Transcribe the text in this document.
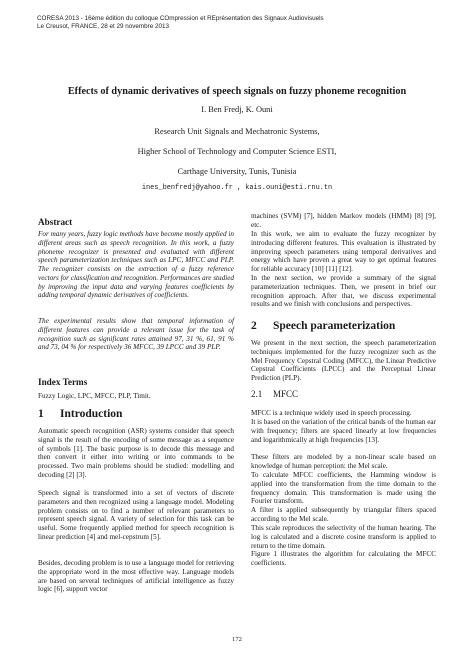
CORESA 2013 - 16ème édition du colloque COmpression et REprésentation des Signaux Audiovisuels
Le Creusot, FRANCE, 28 et 29 novembre 2013
Effects of dynamic derivatives of speech signals on fuzzy phoneme recognition
I. Ben Fredj, K. Ouni
Research Unit Signals and Mechatronic Systems,
Higher School of Technology and Computer Science ESTI,
Carthage University, Tunis, Tunisia
ines_benfredj@yahoo.fr , kais.ouni@esti.rnu.tn
Abstract
For many years, fuzzy logic methods have become mostly applied in different areas such as speech recognition. In this work, a fuzzy phoneme recognizer is presented and evaluated with different speech parameterization techniques such as LPC, MFCC and PLP. The recognizer consists on the extraction of a fuzzy reference vectors for classification and recognition. Performances are studied by improving the input data and varying features coefficients by adding temporal dynamic derivatives of coefficients.
The experimental results show that temporal information of different features can provide a relevant issue for the task of recognition such as significant rates attained 97, 31 %, 61, 91 % and 73, 04 % for respectively 36 MFCC, 39 LPCC and 39 PLP.
Index Terms
Fuzzy Logic, LPC, MFCC, PLP, Timit.
1 Introduction
Automatic speech recognition (ASR) systems consider that speech signal is the result of the encoding of some message as a sequence of symbols [1]. The basic purpose is to decode this message and then convert it either into writing or into commands to be processed. Two main problems should be studied: modelling and decoding [2] [3].
Speech signal is transformed into a set of vectors of discrete parameters and then recognized using a language model. Modeling problem consists on to find a number of relevant parameters to represent speech signal. A variety of selection for this task can be useful. Some frequently applied method for speech recognition is linear prediction [4] and mel-cepstrum [5].
Besides, decoding problem is to use a language model for retrieving the appropriate word in the most effective way. Language models are based on several techniques of artificial intelligence as fuzzy logic [6], support vector
machines (SVM) [7], hidden Markov models (HMM) [8] [9], etc.
In this work, we aim to evaluate the fuzzy recognizer by introducing different features. This evaluation is illustrated by improving speech parameters using temporal derivatives and energy which have proven a great way to get optimal features for reliable accuracy [10] [11] [12].
In the next section, we provide a summary of the signal parameterization techniques. Then, we present in brief our recognition approach. After that, we discuss experimental results and we finish with conclusions and perspectives.
2 Speech parameterization
We present in the next section, the speech parameterization techniques implemented for the fuzzy recognizer such as the Mel Frequency Cepstral Coding (MFCC), the Linear Predictive Cepstral Coefficients (LPCC) and the Perceptual Linear Prediction (PLP).
2.1 MFCC
MFCC is a technique widely used in speech processing.
It is based on the variation of the critical bands of the human ear with frequency; filters are spaced linearly at low frequencies and logarithmically at high frequencies [13].
These filters are modeled by a non-linear scale based on knowledge of human perception: the Mel scale.
To calculate MFCC coefficients, the Hamming window is applied into the transformation from the time domain to the frequency domain. This transformation is made using the Fourier transform.
A filter is applied subsequently by triangular filters spaced according to the Mel scale.
This scale reproduces the selectivity of the human hearing. The log is calculated and a discrete cosine transform is applied to return to the time domain.
Figure 1 illustrates the algorithm for calculating the MFCC coefficients.
172
